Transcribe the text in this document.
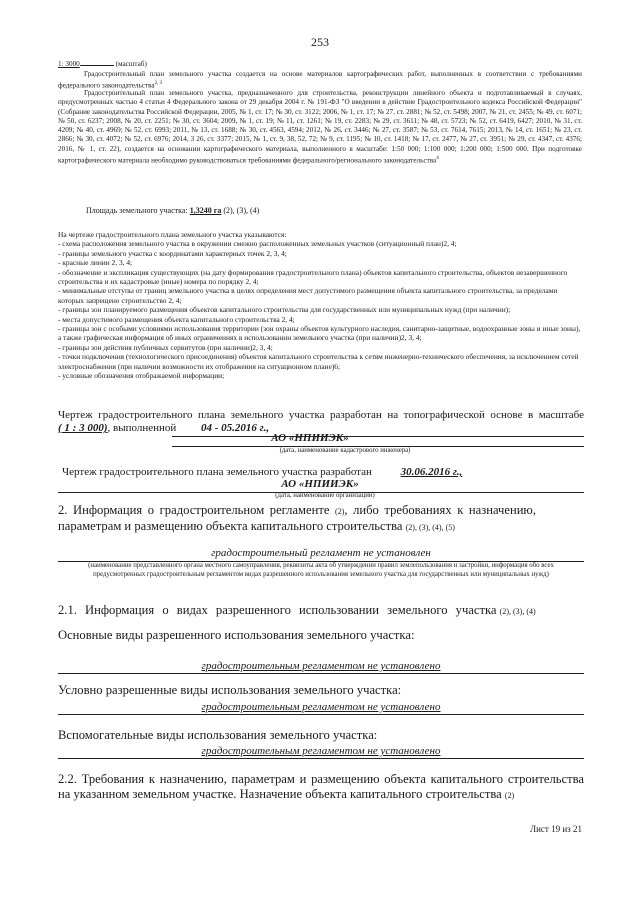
253
1: 3000	(масштаб)
Градостроительный план земельного участка создается на основе материалов картографических работ, выполненных в соответствии с требованиями федерального законодательства$^{2, 3}$
Градостроительный план земельного участка, предназначенного для строительства, реконструкции линейного объекта и подготавливаемый в случаях, предусмотренных частью 4 статьи 4 Федерального закона от 29 декабря 2004 г. № 191-ФЗ "О введении в действие Градостроительного кодекса Российской Федерации" (Собрание законодательства Российской Федерации, 2005, № 1, ст. 17; № 30, ст. 3122; 2006, № 1, ст. 17; № 27, ст. 2881; № 52, ст. 5498; 2007, № 21, ст. 2455; № 49, ст. 6071; № 50, ст. 6237; 2008, № 20, ст. 2251; № 30, ст. 3604; 2009, № 1, ст. 19; № 11, ст. 1261; № 19, ст. 2283; № 29, ст. 3611; № 48, ст. 5723; № 52, ст. 6419, 6427; 2010, № 31, ст. 4209; № 40, ст. 4969; № 52, ст. 6993; 2011, № 13, ст. 1688; № 30, ст. 4563, 4594; 2012, № 26, ст. 3446; № 27, ст. 3587; № 53, ст. 7614, 7615; 2013, № 14, ст. 1651; № 23, ст. 2866; № 30, ст. 4072; № 52, ст. 6976; 2014, 3 26, ст. 3377; 2015, № 1, ст. 9, 38, 52, 72; № 9, ст. 1195; № 10, ст. 1418; № 17, ст. 2477, № 27, ст. 3951; № 29, ст. 4347, ст. 4376; 2016, № 1, ст. 22), создается на основании картографического материала, выполненного в масштабе: 1:50 000; 1:100 000; 1:200 000; 1:500 000. При подготовке картографического материала необходимо руководствоваться требованиями федерального/регионального законодательства$^4$
Площадь земельного участка: 1,3240 га (2), (3), (4)
На чертеже градостроительного плана земельного участка указываются:
- схема расположения земельного участка в окружении смежно расположенных земельных участков (ситуационный план)2, 4;
- границы земельного участка с координатами характерных точек 2, 3, 4;
- красные линии 2, 3, 4;
- обозначение и экспликация существующих (на дату формирования градостроительного плана) объектов капитального строительства, объектов незавершенного строительства и их кадастровые (иные) номера по порядку 2, 4;
- минимальные отступы от границ земельного участка в целях определения мест допустимого размещения объекта капитального строительства, за пределами которых запрещено строительство 2, 4;
- границы зон планируемого размещения объектов капитального строительства для государственных или муниципальных нужд (при наличии);
- места допустимого размещения объекта капитального строительства 2, 4;
- границы зон с особыми условиями использования территории (зон охраны объектов культурного наследия, санитарно-защитные, водоохранные зоны и иные зоны), а также графическая информация об иных ограничениях в использовании земельного участка (при наличии)2, 3, 4;
- границы зон действия публичных сервитутов (при наличии)2, 3, 4;
- точки подключения (технологического присоединения) объектов капитального строительства к сетям инженерно-технического обеспечения, за исключением сетей электроснабжения (при наличии возможности их отображения на ситуационном плане)6;
- условные обозначения отображаемой информации;
Чертеж градостроительного плана земельного участка разработан на топографической основе в масштабе
( 1 : 3 000), выполненной 04 - 05.2016 г.,
АО «НПИИЭК»
(дата, наименование кадастрового инженера)
Чертеж градостроительного плана земельного участка разработан	30.06.2016 г.,
АО «НПИИЭК»
(дата, наименование организации)
2. Информация о градостроительном регламенте (2), либо требованиях к назначению, параметрам и размещению объекта капитального строительства (2), (3), (4), (5)
градостроительный регламент не установлен
(наименование представленного органа местного самоуправления, реквизиты акта об утверждении правил землепользования и застройки, информация обо всех предусмотренных градостроительным регламентом видах разрешенного использования земельного участка для государственных или муниципальных нужд)
2.1. Информация о видах разрешенного использовании земельного участка (2), (3), (4)
Основные виды разрешенного использования земельного участка:
градостроительным регламентом не установлено
Условно разрешенные виды использования земельного участка:
градостроительным регламентом не установлено
Вспомогательные виды использования земельного участка:
градостроительным регламентом не установлено
2.2. Требования к назначению, параметрам и размещению объекта капитального строительства на указанном земельном участке. Назначение объекта капитального строительства (2)
Лист 19 из 21
